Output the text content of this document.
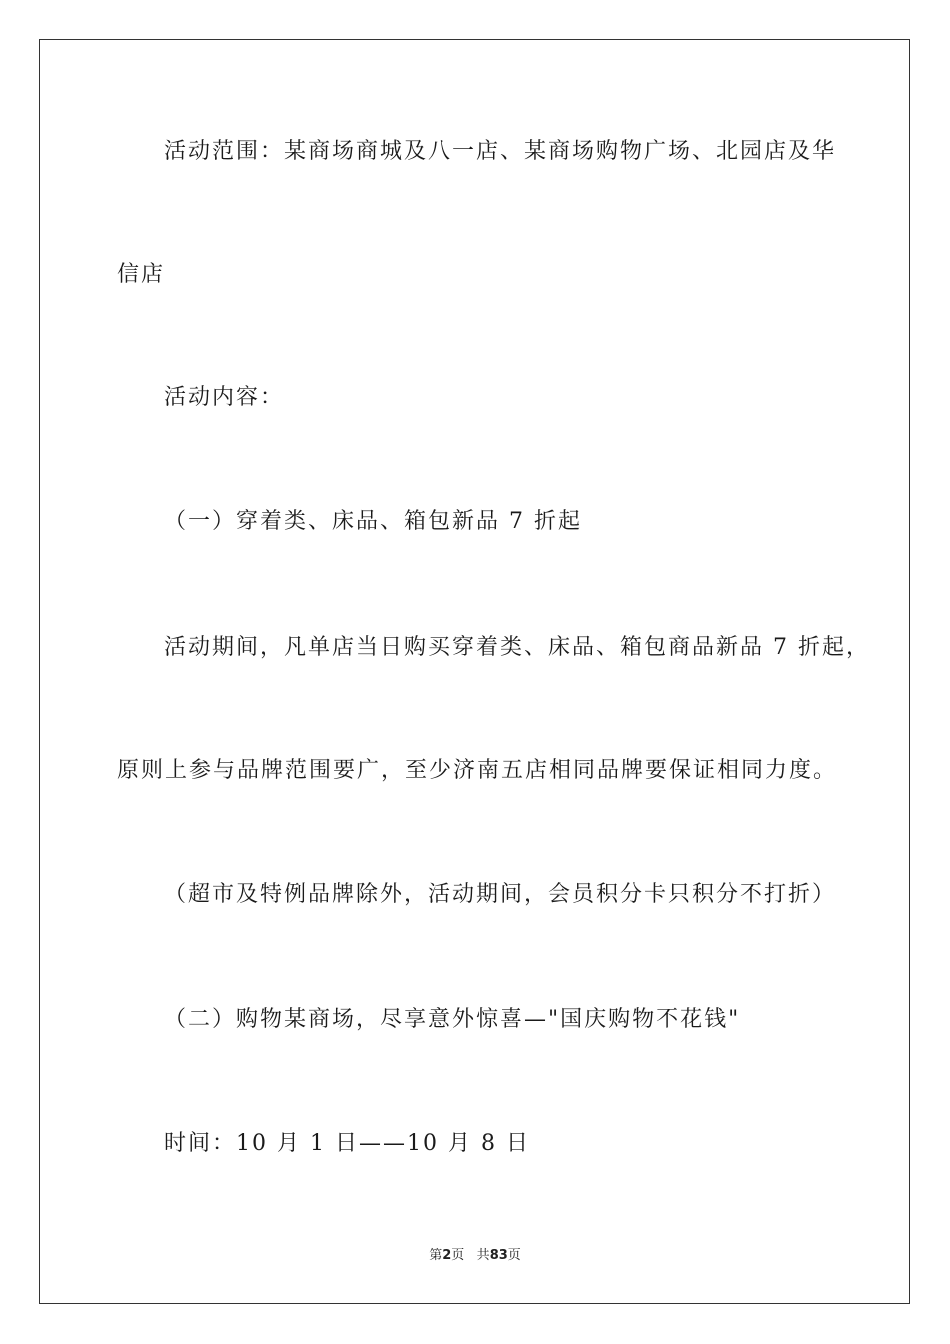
活动范围：某商场商城及八一店、某商场购物广场、北园店及华
信店
活动内容：
（一）穿着类、床品、箱包新品 7 折起
活动期间，凡单店当日购买穿着类、床品、箱包商品新品 7 折起，
原则上参与品牌范围要广，至少济南五店相同品牌要保证相同力度。
（超市及特例品牌除外，活动期间，会员积分卡只积分不打折）
（二）购物某商场，尽享意外惊喜—"国庆购物不花钱"
时间：10 月 1 日——10 月 8 日
第2页 共83页
